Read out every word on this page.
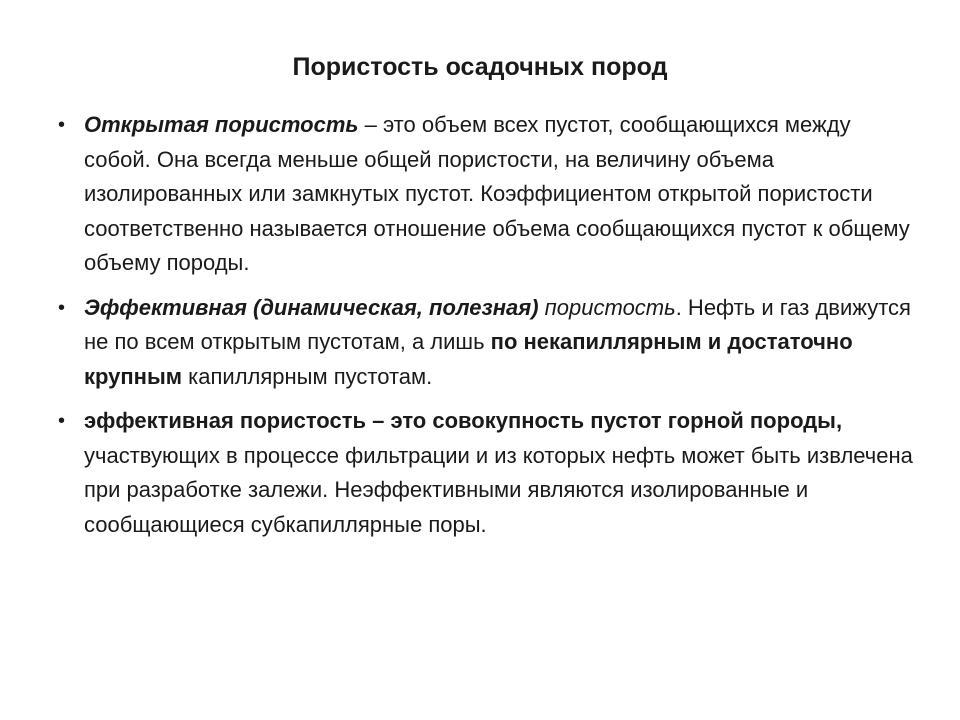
Пористость осадочных пород
• Открытая пористость – это объем всех пустот, сообщающихся между собой. Она всегда меньше общей пористости, на величину объема изолированных или замкнутых пустот. Коэффициентом открытой пористости соответственно называется отношение объема сообщающихся пустот к общему объему породы.
• Эффективная (динамическая, полезная) пористость. Нефть и газ движутся не по всем открытым пустотам, а лишь по некапиллярным и достаточно крупным капиллярным пустотам.
• эффективная пористость – это совокупность пустот горной породы, участвующих в процессе фильтрации и из которых нефть может быть извлечена при разработке залежи. Неэффективными являются изолированные и сообщающиеся субкапиллярные поры.
